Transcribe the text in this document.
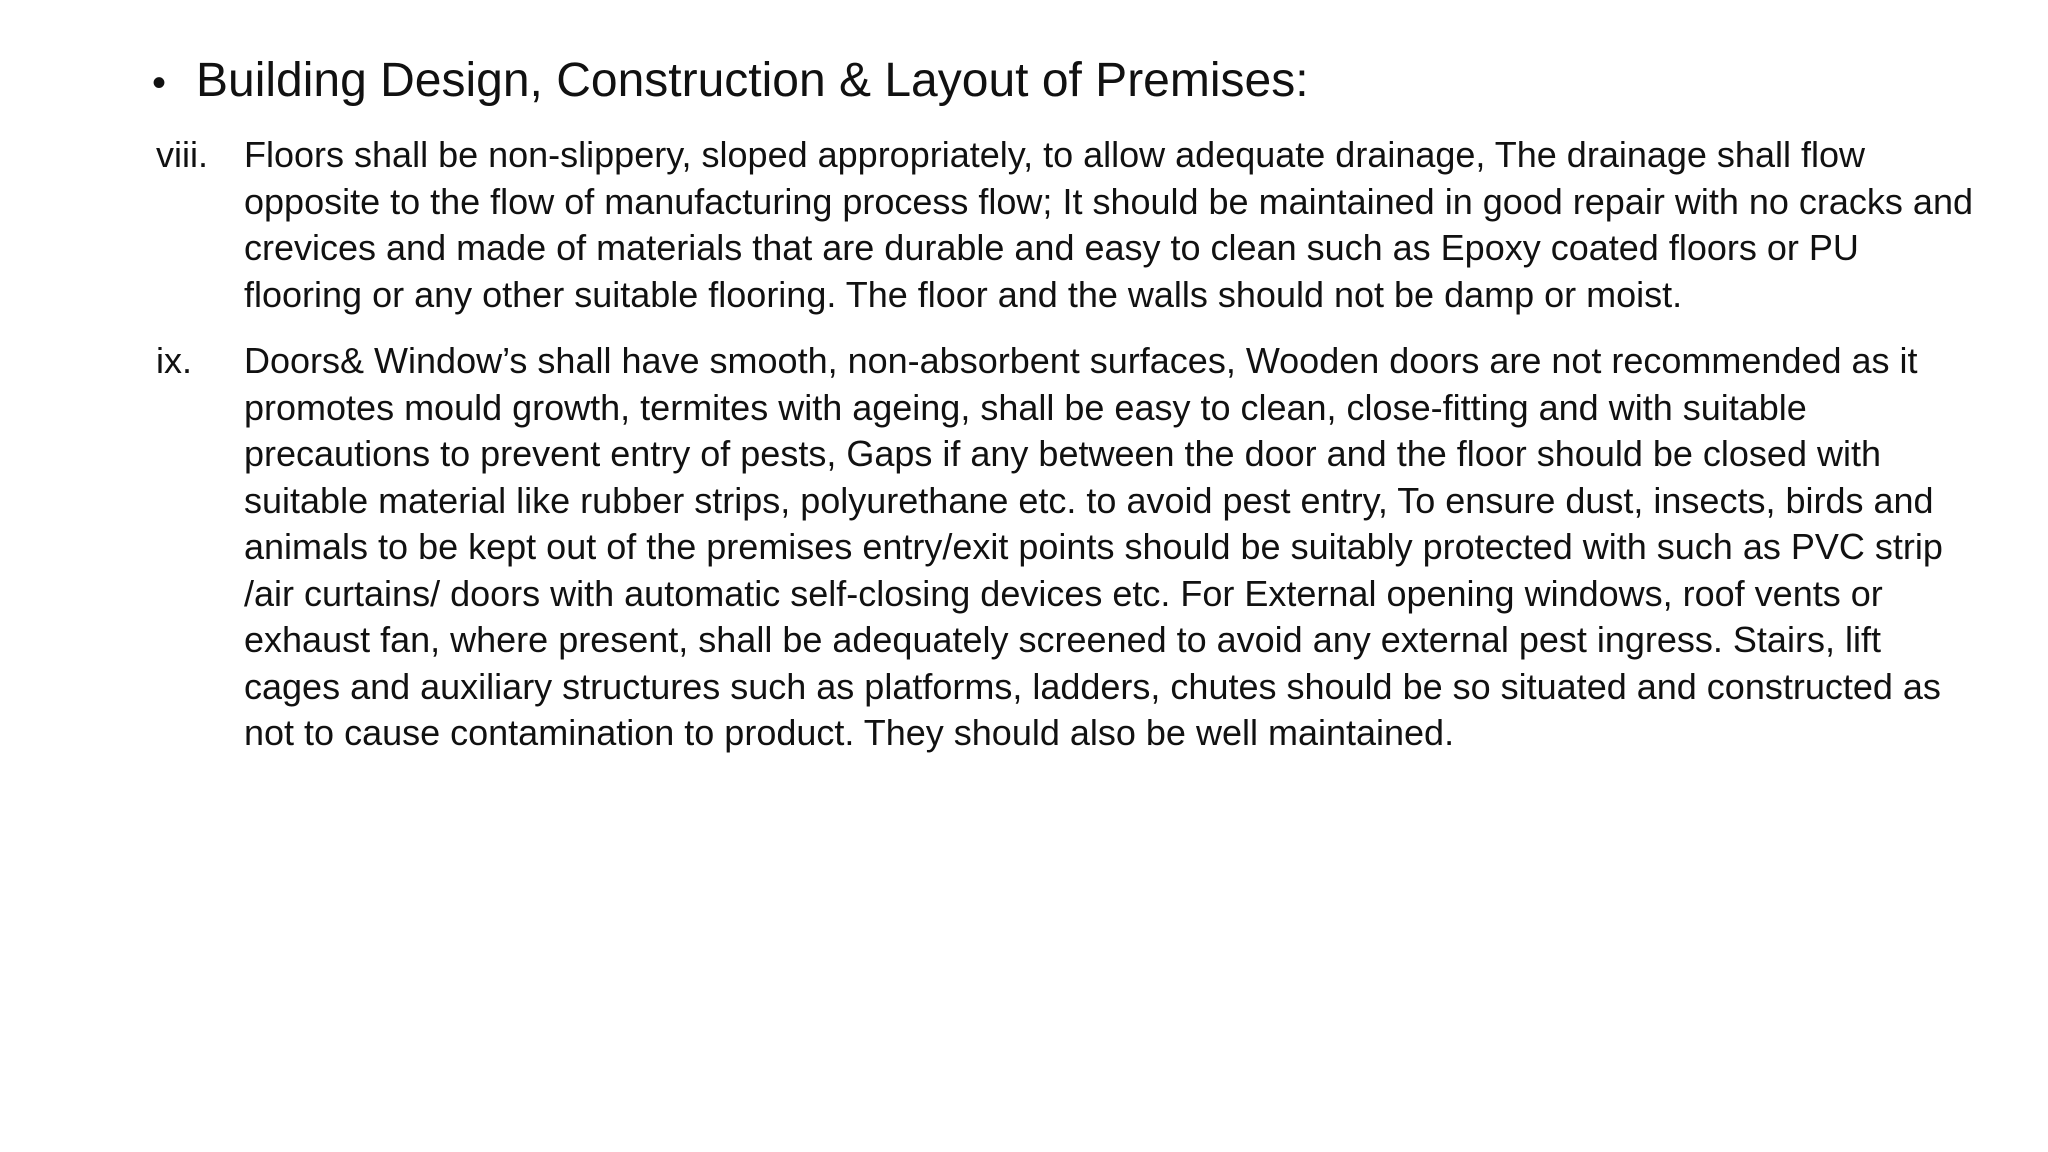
• Building Design, Construction & Layout of Premises:
viii.	Floors shall be non-slippery, sloped appropriately, to allow adequate drainage, The drainage shall flow opposite to the flow of manufacturing process flow; It should be maintained in good repair with no cracks and crevices and made of materials that are durable and easy to clean such as Epoxy coated floors or PU flooring or any other suitable flooring. The floor and the walls should not be damp or moist.
ix.	Doors& Window’s shall have smooth, non-absorbent surfaces, Wooden doors are not recommended as it promotes mould growth, termites with ageing, shall be easy to clean, close-fitting and with suitable precautions to prevent entry of pests, Gaps if any between the door and the floor should be closed with suitable material like rubber strips, polyurethane etc. to avoid pest entry, To ensure dust, insects, birds and animals to be kept out of the premises entry/exit points should be suitably protected with such as PVC strip /air curtains/ doors with automatic self-closing devices etc. For External opening windows, roof vents or exhaust fan, where present, shall be adequately screened to avoid any external pest ingress. Stairs, lift cages and auxiliary structures such as platforms, ladders, chutes should be so situated and constructed as not to cause contamination to product. They should also be well maintained.
